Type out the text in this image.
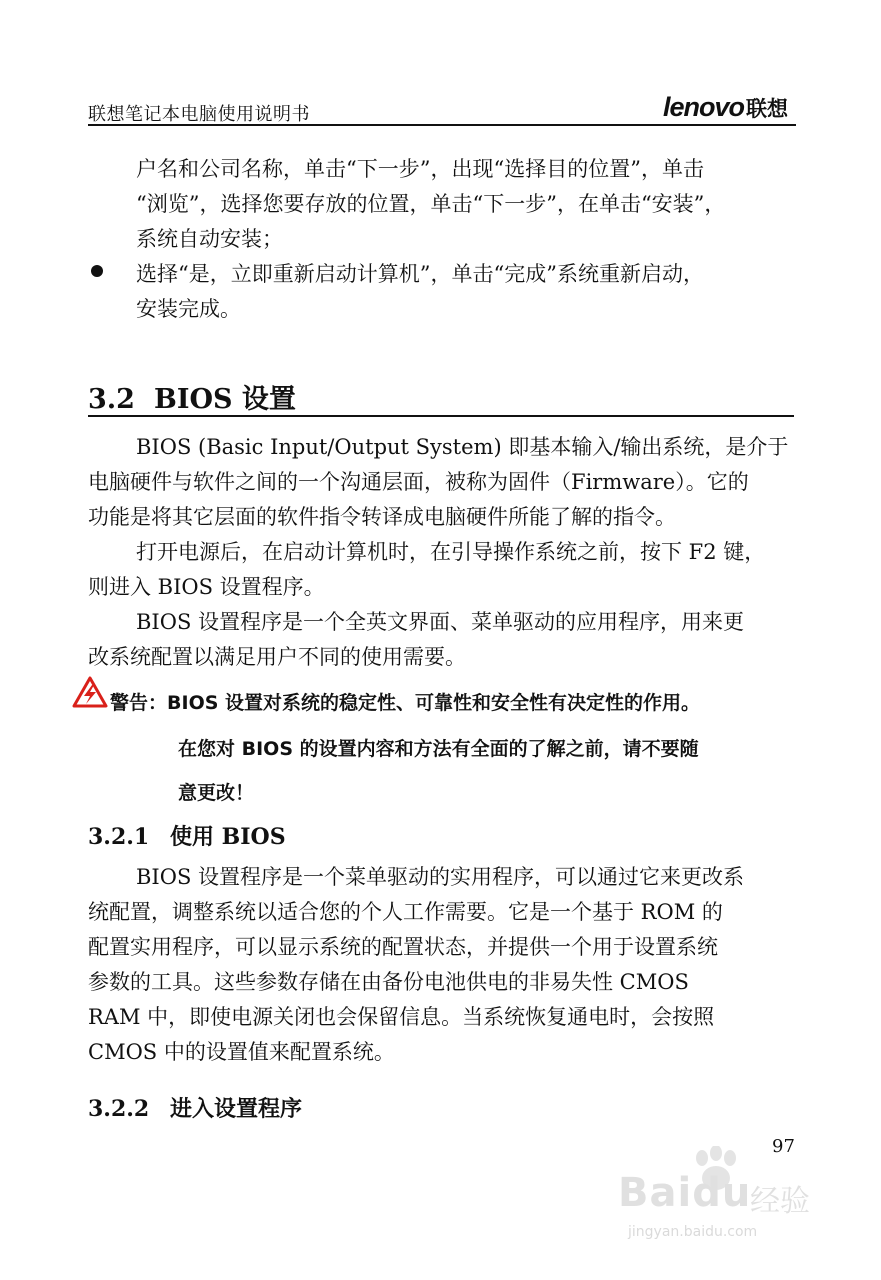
联想笔记本电脑使用说明书	lenovo联想
户名和公司名称，单击“下一步”，出现“选择目的位置”，单击
“浏览”，选择您要存放的位置，单击“下一步”，在单击“安装”，
系统自动安装；
选择“是，立即重新启动计算机”，单击“完成”系统重新启动，
安装完成。
3.2 BIOS 设置
BIOS (Basic Input/Output System) 即基本输入/输出系统，是介于
电脑硬件与软件之间的一个沟通层面，被称为固件（Firmware）。它的
功能是将其它层面的软件指令转译成电脑硬件所能了解的指令。
打开电源后，在启动计算机时，在引导操作系统之前，按下 F2 键，
则进入 BIOS 设置程序。
BIOS 设置程序是一个全英文界面、菜单驱动的应用程序，用来更
改系统配置以满足用户不同的使用需要。
警告：BIOS 设置对系统的稳定性、可靠性和安全性有决定性的作用。
在您对 BIOS 的设置内容和方法有全面的了解之前，请不要随
意更改！
3.2.1 使用 BIOS
BIOS 设置程序是一个菜单驱动的实用程序，可以通过它来更改系
统配置，调整系统以适合您的个人工作需要。它是一个基于 ROM 的
配置实用程序，可以显示系统的配置状态，并提供一个用于设置系统
参数的工具。这些参数存储在由备份电池供电的非易失性 CMOS
RAM 中，即使电源关闭也会保留信息。当系统恢复通电时，会按照
CMOS 中的设置值来配置系统。
3.2.2 进入设置程序
97
Baidu
经验
jingyan.baidu.com
